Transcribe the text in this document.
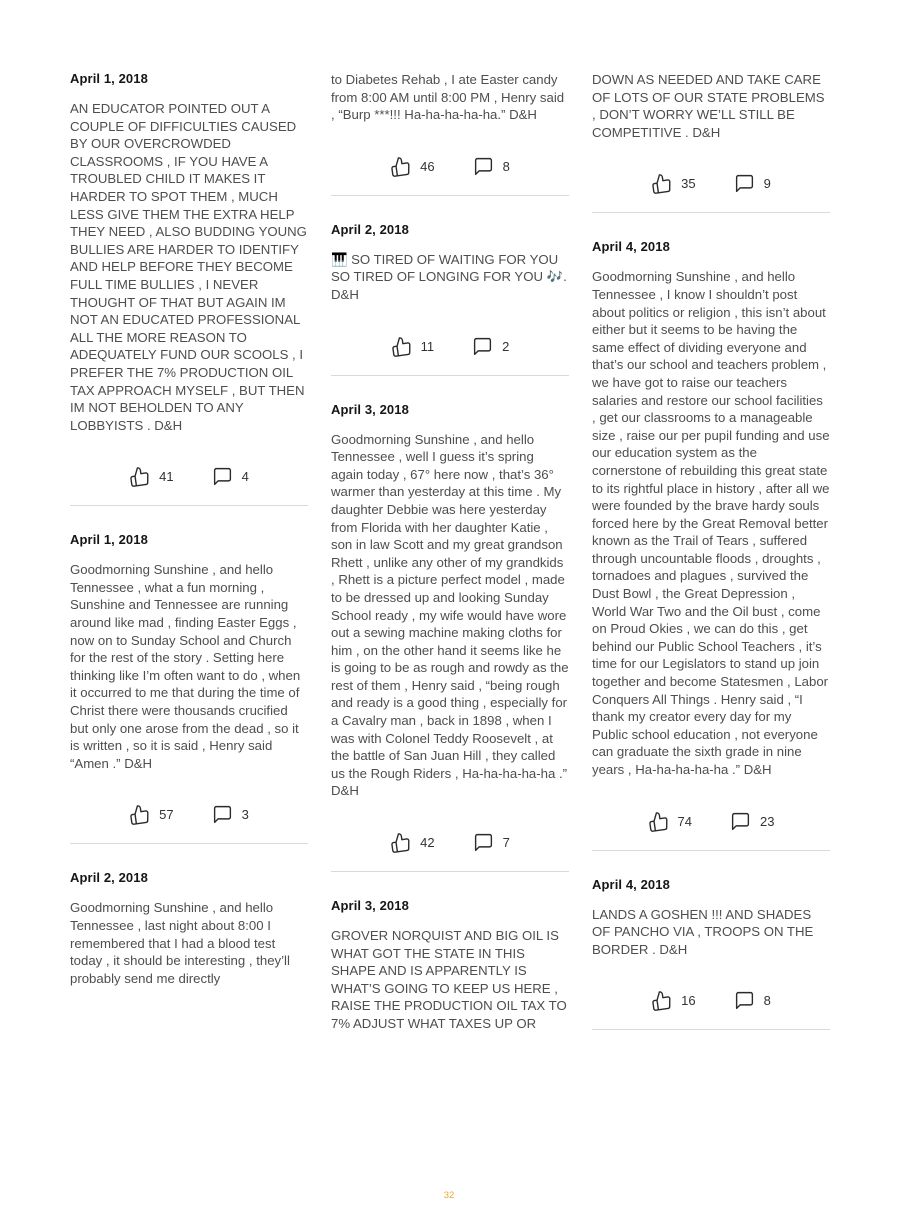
April 1, 2018

AN EDUCATOR POINTED OUT A COUPLE OF DIFFICULTIES CAUSED BY OUR OVERCROWDED CLASSROOMS , IF YOU HAVE A TROUBLED CHILD IT MAKES IT HARDER TO SPOT THEM , MUCH LESS GIVE THEM THE EXTRA HELP THEY NEED , ALSO BUDDING YOUNG BULLIES ARE HARDER TO IDENTIFY AND HELP BEFORE THEY BECOME FULL TIME BULLIES , I NEVER THOUGHT OF THAT BUT AGAIN IM NOT AN EDUCATED PROFESSIONAL ALL THE MORE REASON TO ADEQUATELY FUND OUR SCOOLS , I PREFER THE 7% PRODUCTION OIL TAX APPROACH MYSELF , BUT THEN IM NOT BEHOLDEN TO ANY LOBBYISTS . D&H

41	4
April 1, 2018

Goodmorning Sunshine , and hello Tennessee , what a fun morning , Sunshine and Tennessee are running around like mad , finding Easter Eggs , now on to Sunday School and Church for the rest of the story . Setting here thinking like I’m often want to do , when it occurred to me that during the time of Christ there were thousands crucified but only one arose from the dead , so it is written , so it is said , Henry said “Amen .” D&H

57	3
April 2, 2018

Goodmorning Sunshine , and hello Tennessee , last night about 8:00 I remembered that I had a blood test today , it should be interesting , they’ll probably send me directly

to Diabetes Rehab , I ate Easter candy from 8:00 AM until 8:00 PM , Henry said , “Burp ***!!! Ha-ha-ha-ha-ha.” D&H

46	8
April 2, 2018

🎹 SO TIRED OF WAITING FOR YOU SO TIRED OF LONGING FOR YOU 🎶. D&H

11	2
April 3, 2018

Goodmorning Sunshine , and hello Tennessee , well I guess it’s spring again today , 67° here now , that’s 36° warmer than yesterday at this time . My daughter Debbie was here yesterday from Florida with her daughter Katie , son in law Scott and my great grandson Rhett , unlike any other of my grandkids , Rhett is a picture perfect model , made to be dressed up and looking Sunday School ready , my wife would have wore out a sewing machine making cloths for him , on the other hand it seems like he is going to be as rough and rowdy as the rest of them , Henry said , “being rough and ready is a good thing , especially for a Cavalry man , back in 1898 , when I was with Colonel Teddy Roosevelt , at the battle of San Juan Hill , they called us the Rough Riders , Ha-ha-ha-ha-ha .” D&H

42	7
April 3, 2018

GROVER NORQUIST AND BIG OIL IS WHAT GOT THE STATE IN THIS SHAPE AND IS APPARENTLY IS WHAT’S GOING TO KEEP US HERE , RAISE THE PRODUCTION OIL TAX TO 7% ADJUST WHAT TAXES UP OR

DOWN AS NEEDED AND TAKE CARE OF LOTS OF OUR STATE PROBLEMS , DON’T WORRY WE’LL STILL BE COMPETITIVE . D&H

35	9
April 4, 2018

Goodmorning Sunshine , and hello Tennessee , I know I shouldn’t post about politics or religion , this isn’t about either but it seems to be having the same effect of dividing everyone and that’s our school and teachers problem , we have got to raise our teachers salaries and restore our school facilities , get our classrooms to a manageable size , raise our per pupil funding and use our education system as the cornerstone of rebuilding this great state to its rightful place in history , after all we were founded by the brave hardy souls forced here by the Great Removal better known as the Trail of Tears , suffered through uncountable floods , droughts , tornadoes and plagues , survived the Dust Bowl , the Great Depression , World War Two and the Oil bust , come on Proud Okies , we can do this , get behind our Public School Teachers , it’s time for our Legislators to stand up join together and become Statesmen , Labor Conquers All Things . Henry said , “I thank my creator every day for my Public school education , not everyone can graduate the sixth grade in nine years , Ha-ha-ha-ha-ha .” D&H

74	23
April 4, 2018

LANDS A GOSHEN !!! AND SHADES OF PANCHO VIA , TROOPS ON THE BORDER . D&H

16	8
32
